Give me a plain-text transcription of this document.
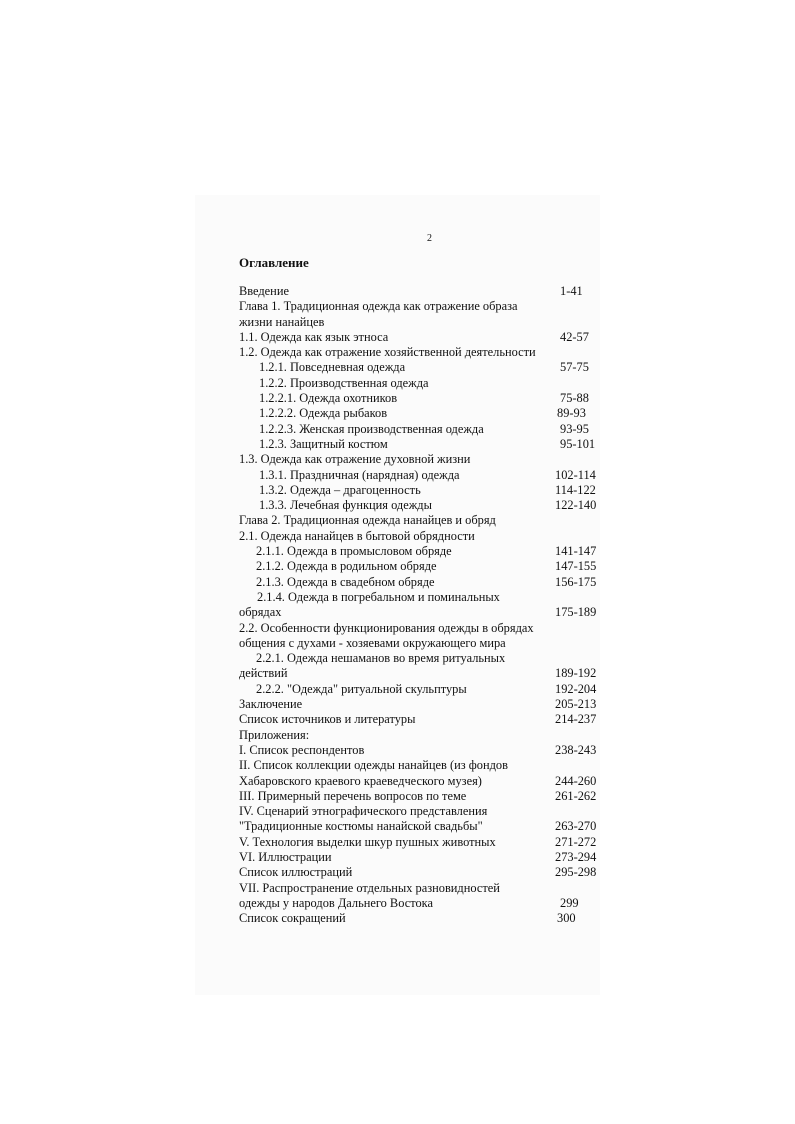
2
Оглавление
Введение	1-41
Глава 1. Традиционная одежда как отражение образа
жизни нанайцев
1.1. Одежда как язык этноса	42-57
1.2. Одежда как отражение хозяйственной деятельности
1.2.1. Повседневная одежда	57-75
1.2.2. Производственная одежда
1.2.2.1. Одежда охотников	75-88
1.2.2.2. Одежда рыбаков	89-93
1.2.2.3. Женская производственная одежда	93-95
1.2.3. Защитный костюм	95-101
1.3. Одежда как отражение духовной жизни
1.3.1. Праздничная (нарядная) одежда	102-114
1.3.2. Одежда – драгоценность	114-122
1.3.3. Лечебная функция одежды	122-140
Глава 2. Традиционная одежда нанайцев и обряд
2.1. Одежда нанайцев в бытовой обрядности
2.1.1. Одежда в промысловом обряде	141-147
2.1.2. Одежда в родильном обряде	147-155
2.1.3. Одежда в свадебном обряде	156-175
2.1.4. Одежда в погребальном и поминальных
обрядах	175-189
2.2. Особенности функционирования одежды в обрядах
общения с духами - хозяевами окружающего мира
2.2.1. Одежда нешаманов во время ритуальных
действий	189-192
2.2.2. "Одежда" ритуальной скульптуры	192-204
Заключение	205-213
Список источников и литературы	214-237
Приложения:
I. Список респондентов	238-243
II. Список коллекции одежды нанайцев (из фондов
Хабаровского краевого краеведческого музея)	244-260
III. Примерный перечень вопросов по теме	261-262
IV. Сценарий этнографического представления
"Традиционные костюмы нанайской свадьбы"	263-270
V. Технология выделки шкур пушных животных	271-272
VI. Иллюстрации	273-294
Список иллюстраций	295-298
VII. Распространение отдельных разновидностей
одежды у народов Дальнего Востока	299
Список сокращений	300
